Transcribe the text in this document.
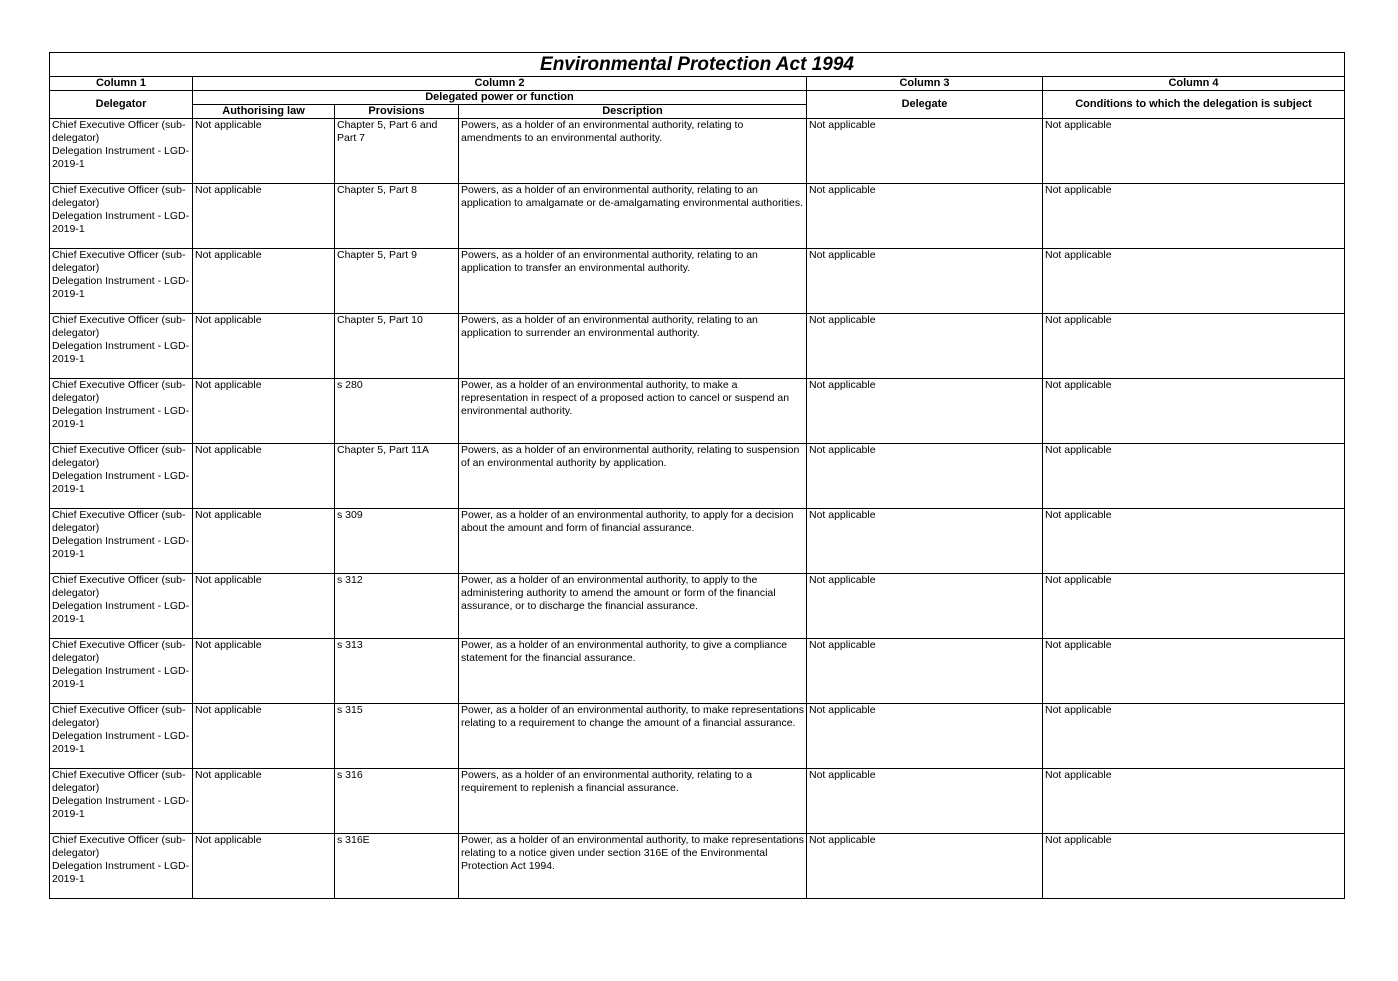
Environmental Protection Act 1994					
Column 1	Column 2			Column 3	Column 4
Delegator	Delegated power or function			Delegate	Conditions to which the delegation is subject
	Authorising law	Provisions	Description		
Chief Executive Officer (sub-delegator)
Delegation Instrument - LGD-2019-1	Not applicable	Chapter 5, Part 6 and Part 7	Powers, as a holder of an environmental authority, relating to amendments to an environmental authority.	Not applicable	Not applicable
Chief Executive Officer (sub-delegator)
Delegation Instrument - LGD-2019-1	Not applicable	Chapter 5, Part 8	Powers, as a holder of an environmental authority, relating to an application to amalgamate or de-amalgamating environmental authorities.	Not applicable	Not applicable
Chief Executive Officer (sub-delegator)
Delegation Instrument - LGD-2019-1	Not applicable	Chapter 5, Part 9	Powers, as a holder of an environmental authority, relating to an application to transfer an environmental authority.	Not applicable	Not applicable
Chief Executive Officer (sub-delegator)
Delegation Instrument - LGD-2019-1	Not applicable	Chapter 5, Part 10	Powers, as a holder of an environmental authority, relating to an application to surrender an environmental authority.	Not applicable	Not applicable
Chief Executive Officer (sub-delegator)
Delegation Instrument - LGD-2019-1	Not applicable	s 280	Power, as a holder of an environmental authority, to make a representation in respect of a proposed action to cancel or suspend an environmental authority.	Not applicable	Not applicable
Chief Executive Officer (sub-delegator)
Delegation Instrument - LGD-2019-1	Not applicable	Chapter 5, Part 11A	Powers, as a holder of an environmental authority, relating to suspension of an environmental authority by application.	Not applicable	Not applicable
Chief Executive Officer (sub-delegator)
Delegation Instrument - LGD-2019-1	Not applicable	s 309	Power, as a holder of an environmental authority, to apply for a decision about the amount and form of financial assurance.	Not applicable	Not applicable
Chief Executive Officer (sub-delegator)
Delegation Instrument - LGD-2019-1	Not applicable	s 312	Power, as a holder of an environmental authority, to apply to the administering authority to amend the amount or form of the financial assurance, or to discharge the financial assurance.	Not applicable	Not applicable
Chief Executive Officer (sub-delegator)
Delegation Instrument - LGD-2019-1	Not applicable	s 313	Power, as a holder of an environmental authority, to give a compliance statement for the financial assurance.	Not applicable	Not applicable
Chief Executive Officer (sub-delegator)
Delegation Instrument - LGD-2019-1	Not applicable	s 315	Power, as a holder of an environmental authority, to make representations relating to a requirement to change the amount of a financial assurance.	Not applicable	Not applicable
Chief Executive Officer (sub-delegator)
Delegation Instrument - LGD-2019-1	Not applicable	s 316	Powers, as a holder of an environmental authority, relating to a requirement to replenish a financial assurance.	Not applicable	Not applicable
Chief Executive Officer (sub-delegator)
Delegation Instrument - LGD-2019-1	Not applicable	s 316E	Power, as a holder of an environmental authority, to make representations relating to a notice given under section 316E of the Environmental Protection Act 1994.	Not applicable	Not applicable
